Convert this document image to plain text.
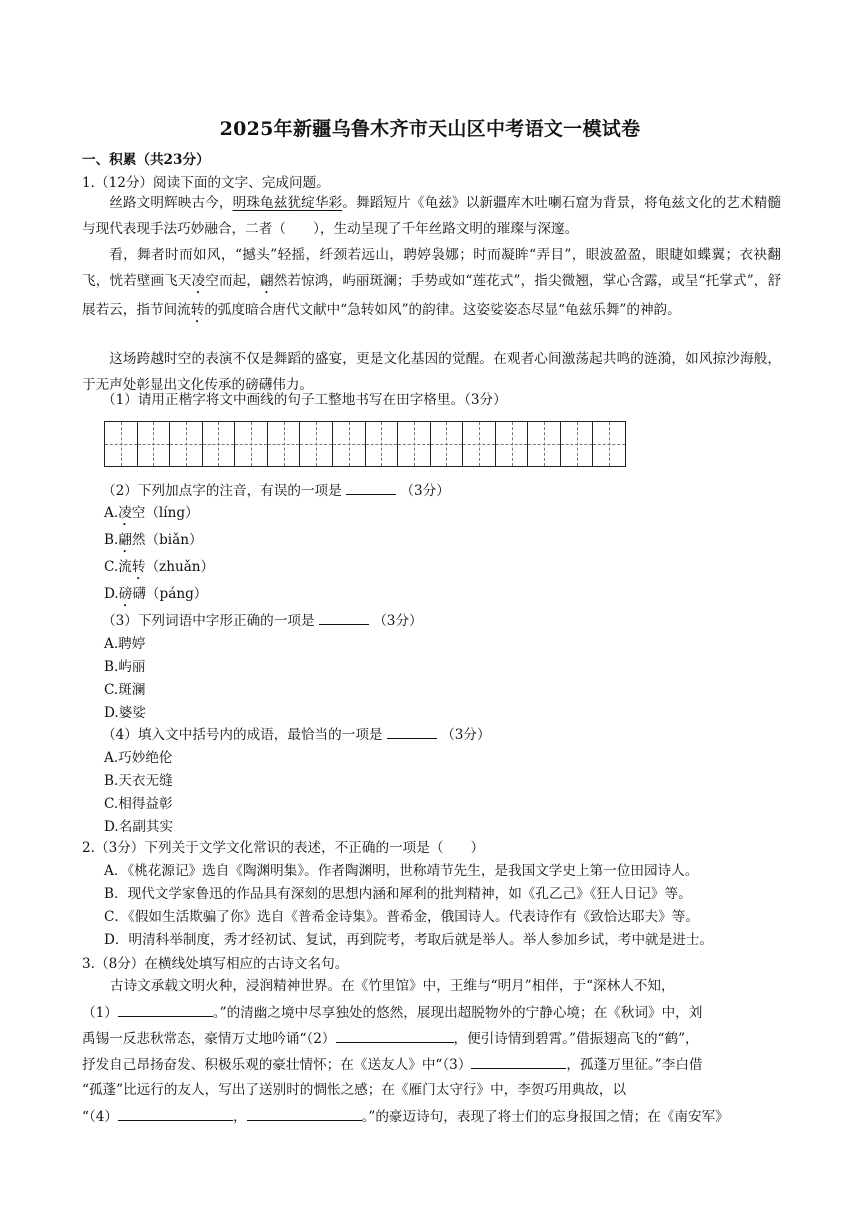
2025年新疆乌鲁木齐市天山区中考语文一模试卷
一、积累（共23分）
1.（12分）阅读下面的文字、完成问题。
丝路文明辉映古今，明珠龟兹犹绽华彩。舞蹈短片《龟兹》以新疆库木吐喇石窟为背景，将龟兹文化的艺术精髓与现代表现手法巧妙融合，二者（　　），生动呈现了千年丝路文明的璀璨与深邃。
看，舞者时而如风，“撼头”轻摇，纤颈若远山，聘婷袅娜；时而凝眸“弄目”，眼波盈盈，眼睫如蝶翼；衣袂翻飞，恍若壁画飞天凌空而起，翩然若惊鸿，屿丽斑澜；手势或如“莲花式”，指尖微翘，掌心含露，或呈“托掌式”，舒展若云，指节间流转的弧度暗合唐代文献中“急转如风”的韵律。这姿娑姿态尽显“龟兹乐舞”的神韵。
这场跨越时空的表演不仅是舞蹈的盛宴，更是文化基因的觉醒。在观者心间激荡起共鸣的涟漪，如风掠沙海般，于无声处彰显出文化传承的磅礴伟力。
（1）请用正楷字将文中画线的句子工整地书写在田字格里。（3分）
（2）下列加点字的注音，有误的一项是	（3分）
A.凌空（líng）
B.翩然（biǎn）
C.流转（zhuǎn）
D.磅礴（páng）
（3）下列词语中字形正确的一项是	（3分）
A.聘婷
B.屿丽
C.斑澜
D.婆娑
（4）填入文中括号内的成语，最恰当的一项是	（3分）
A.巧妙绝伦
B.天衣无缝
C.相得益彰
D.名副其实
2.（3分）下列关于文学文化常识的表述，不正确的一项是（　　）
A．《桃花源记》选自《陶渊明集》。作者陶渊明，世称靖节先生，是我国文学史上第一位田园诗人。
B．现代文学家鲁迅的作品具有深刻的思想内涵和犀利的批判精神，如《孔乙己》《狂人日记》等。
C．《假如生活欺骗了你》选自《普希金诗集》。普希金，俄国诗人。代表诗作有《致恰达耶夫》等。
D．明清科举制度，秀才经初试、复试，再到院考，考取后就是举人。举人参加乡试，考中就是进士。
3.（8分）在横线处填写相应的古诗文名句。
古诗文承载文明火种，浸润精神世界。在《竹里馆》中，王维与“明月”相伴，于“深林人不知，
（1）	。”的清幽之境中尽享独处的悠然，展现出超脱物外的宁静心境；在《秋词》中，刘
禹锡一反悲秋常态，豪情万丈地吟诵“（2）	，便引诗情到碧霄。”借振翅高飞的“鹤”，
抒发自己昂扬奋发、积极乐观的豪壮情怀；在《送友人》中“（3）	，孤蓬万里征。”李白借
“孤蓬”比远行的友人，写出了送别时的惆怅之感；在《雁门太守行》中，李贺巧用典故，以
“（4）	，	。”的豪迈诗句，表现了将士们的忘身报国之情；在《南安军》
